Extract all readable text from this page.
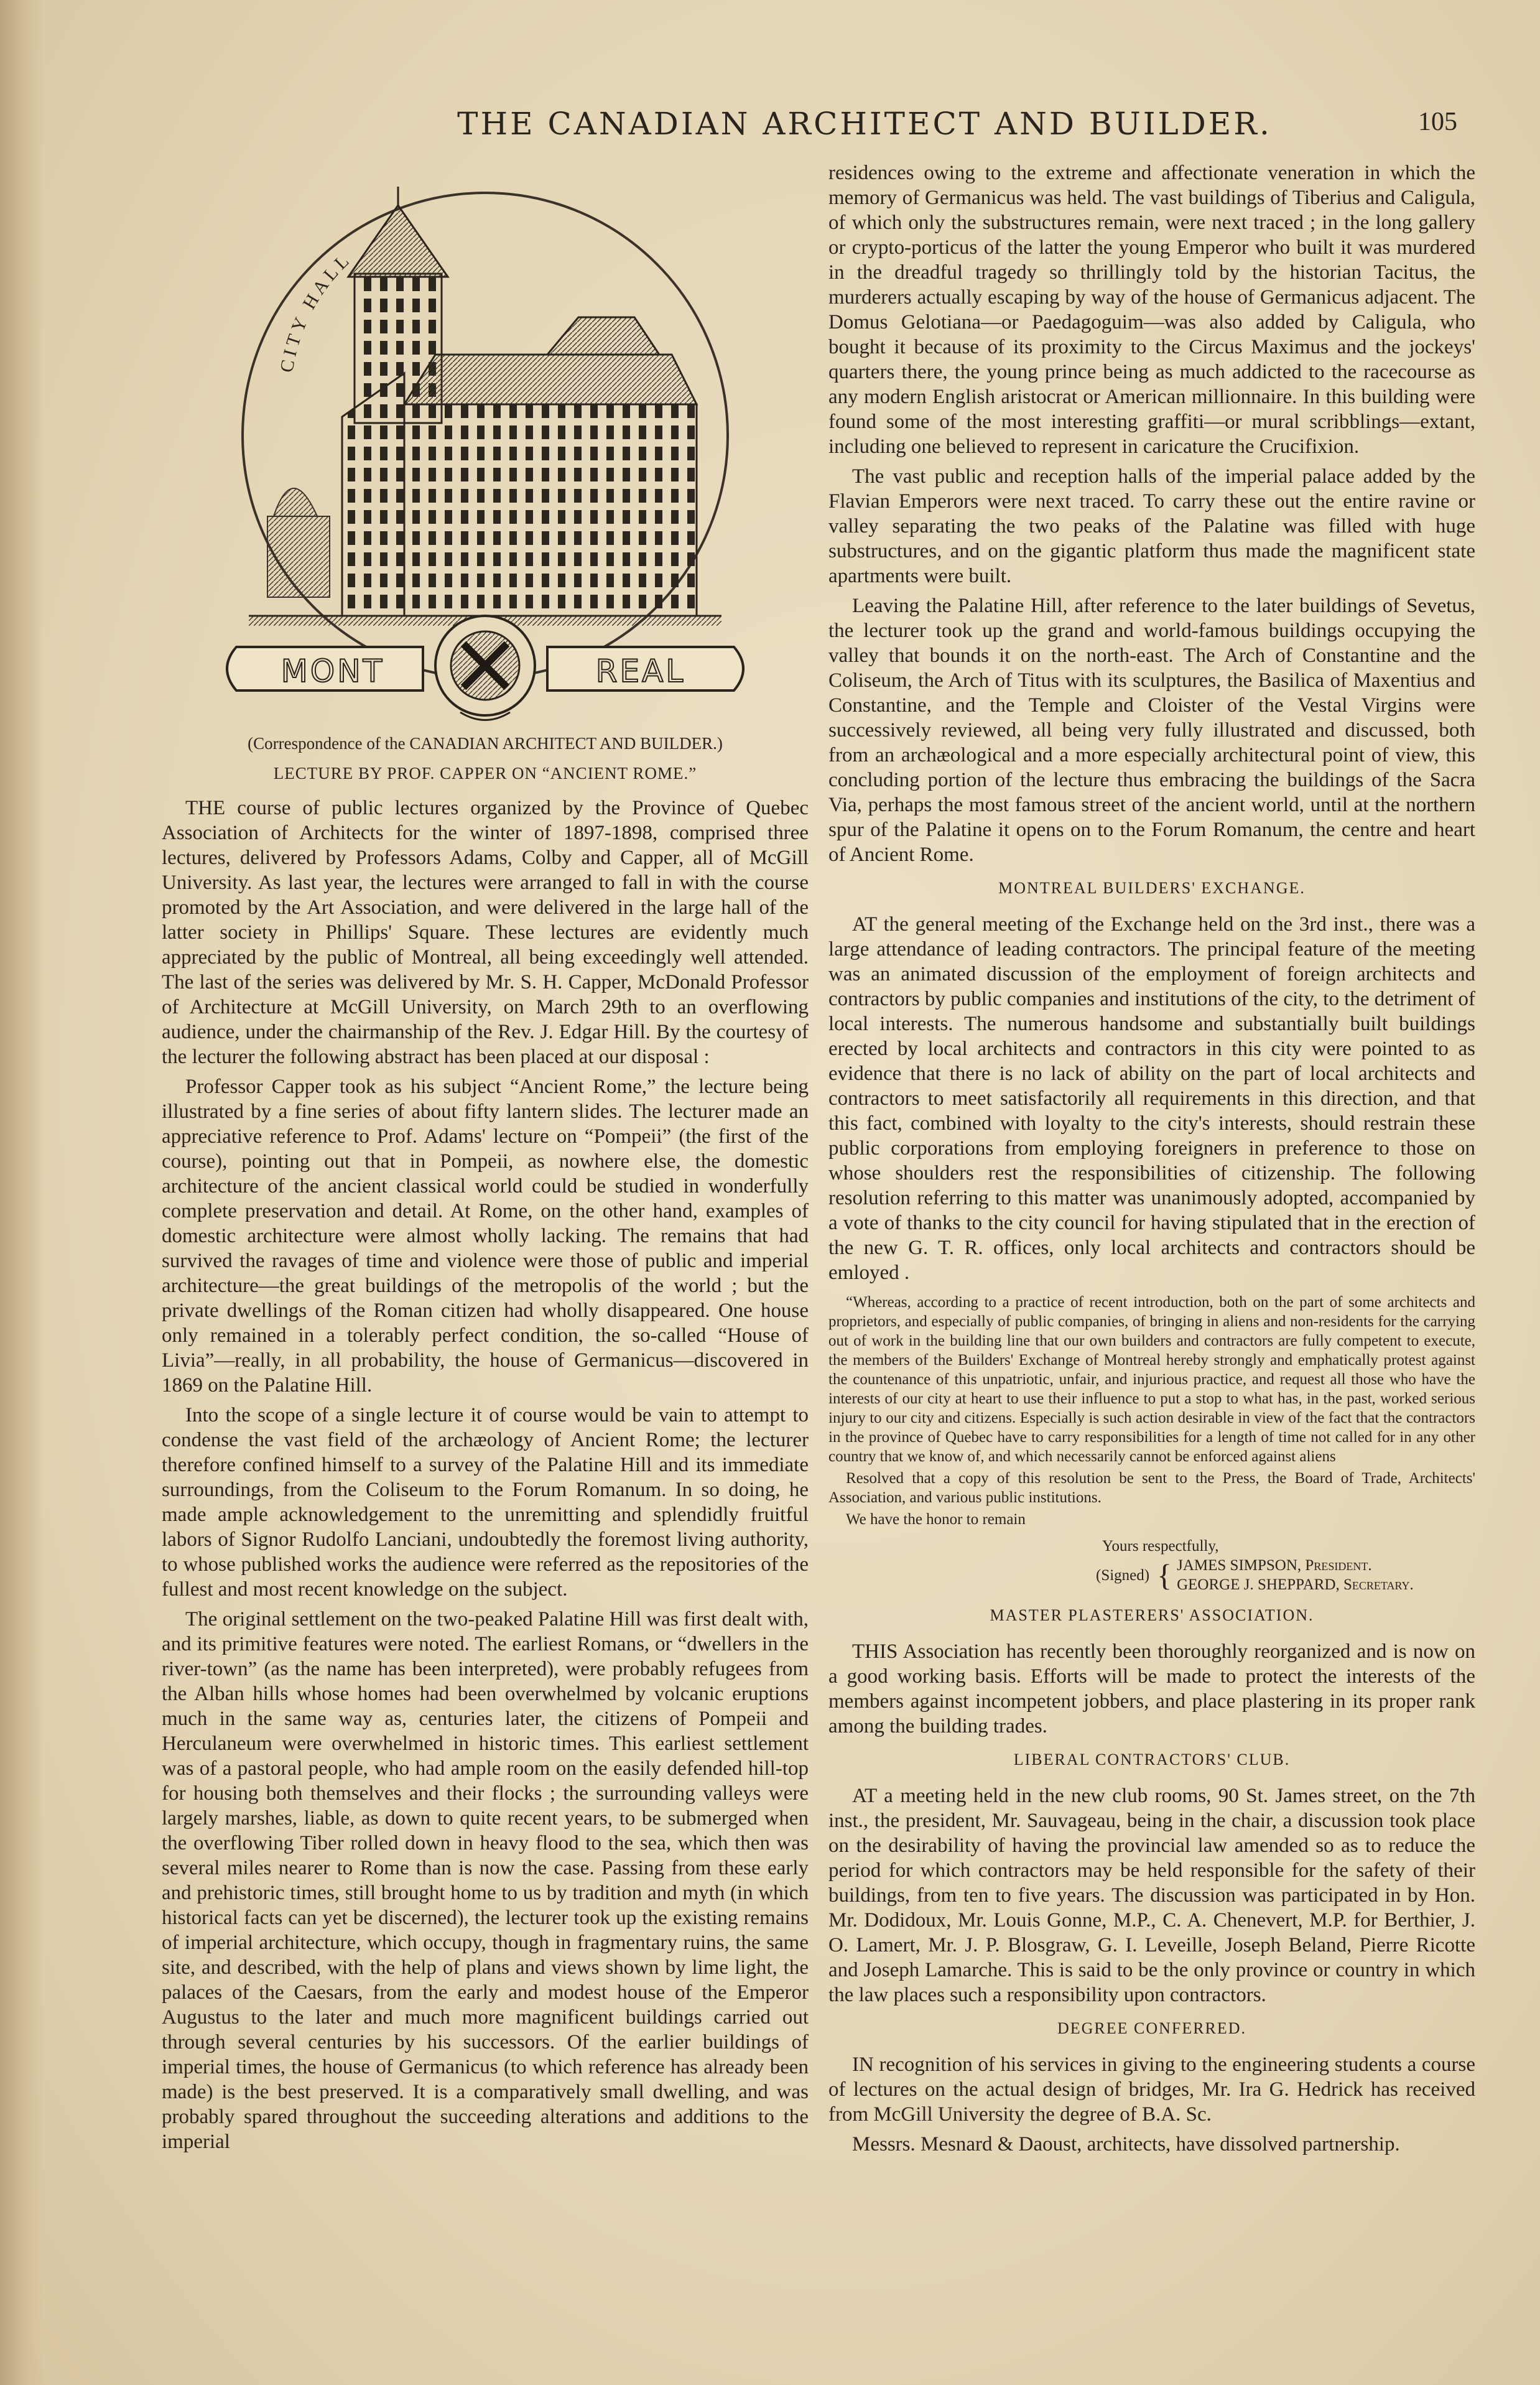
THE CANADIAN ARCHITECT AND BUILDER.	105
CITY HALL
MONT	REAL

(Correspondence of the CANADIAN ARCHITECT AND BUILDER.)

LECTURE BY PROF. CAPPER ON “ANCIENT ROME.”

THE course of public lectures organized by the Province of Quebec Association of Architects for the winter of 1897-1898, comprised three lectures, delivered by Professors Adams, Colby and Capper, all of McGill University. As last year, the lectures were arranged to fall in with the course promoted by the Art Association, and were delivered in the large hall of the latter society in Phillips' Square. These lectures are evidently much appreciated by the public of Montreal, all being exceedingly well attended. The last of the series was delivered by Mr. S. H. Capper, McDonald Professor of Architecture at McGill University, on March 29th to an overflowing audience, under the chairmanship of the Rev. J. Edgar Hill. By the courtesy of the lecturer the following abstract has been placed at our disposal :

Professor Capper took as his subject “Ancient Rome,” the lecture being illustrated by a fine series of about fifty lantern slides. The lecturer made an appreciative reference to Prof. Adams' lecture on “Pompeii” (the first of the course), pointing out that in Pompeii, as nowhere else, the domestic architecture of the ancient classical world could be studied in wonderfully complete preservation and detail. At Rome, on the other hand, examples of domestic architecture were almost wholly lacking. The remains that had survived the ravages of time and violence were those of public and imperial architecture—the great buildings of the metropolis of the world ; but the private dwellings of the Roman citizen had wholly disappeared. One house only remained in a tolerably perfect condition, the so-called “House of Livia”—really, in all probability, the house of Germanicus—discovered in 1869 on the Palatine Hill.

Into the scope of a single lecture it of course would be vain to attempt to condense the vast field of the archæology of Ancient Rome; the lecturer therefore confined himself to a survey of the Palatine Hill and its immediate surroundings, from the Coliseum to the Forum Romanum. In so doing, he made ample acknowledgement to the unremitting and splendidly fruitful labors of Signor Rudolfo Lanciani, undoubtedly the foremost living authority, to whose published works the audience were referred as the repositories of the fullest and most recent knowledge on the subject.

The original settlement on the two-peaked Palatine Hill was first dealt with, and its primitive features were noted. The earliest Romans, or “dwellers in the river-town” (as the name has been interpreted), were probably refugees from the Alban hills whose homes had been overwhelmed by volcanic eruptions much in the same way as, centuries later, the citizens of Pompeii and Herculaneum were overwhelmed in historic times. This earliest settlement was of a pastoral people, who had ample room on the easily defended hill-top for housing both themselves and their flocks ; the surrounding valleys were largely marshes, liable, as down to quite recent years, to be submerged when the overflowing Tiber rolled down in heavy flood to the sea, which then was several miles nearer to Rome than is now the case. Passing from these early and prehistoric times, still brought home to us by tradition and myth (in which historical facts can yet be discerned), the lecturer took up the existing remains of imperial architecture, which occupy, though in fragmentary ruins, the same site, and described, with the help of plans and views shown by lime light, the palaces of the Caesars, from the early and modest house of the Emperor Augustus to the later and much more magnificent buildings carried out through several centuries by his successors. Of the earlier buildings of imperial times, the house of Germanicus (to which reference has already been made) is the best preserved. It is a comparatively small dwelling, and was probably spared throughout the succeeding alterations and additions to the imperial

residences owing to the extreme and affectionate veneration in which the memory of Germanicus was held. The vast buildings of Tiberius and Caligula, of which only the substructures remain, were next traced ; in the long gallery or crypto-porticus of the latter the young Emperor who built it was murdered in the dreadful tragedy so thrillingly told by the historian Tacitus, the murderers actually escaping by way of the house of Germanicus adjacent. The Domus Gelotiana—or Paedagoguim—was also added by Caligula, who bought it because of its proximity to the Circus Maximus and the jockeys' quarters there, the young prince being as much addicted to the racecourse as any modern English aristocrat or American millionnaire. In this building were found some of the most interesting graffiti—or mural scribblings—extant, including one believed to represent in caricature the Crucifixion.

The vast public and reception halls of the imperial palace added by the Flavian Emperors were next traced. To carry these out the entire ravine or valley separating the two peaks of the Palatine was filled with huge substructures, and on the gigantic platform thus made the magnificent state apartments were built.

Leaving the Palatine Hill, after reference to the later buildings of Sevetus, the lecturer took up the grand and world-famous buildings occupying the valley that bounds it on the north-east. The Arch of Constantine and the Coliseum, the Arch of Titus with its sculptures, the Basilica of Maxentius and Constantine, and the Temple and Cloister of the Vestal Virgins were successively reviewed, all being very fully illustrated and discussed, both from an archæological and a more especially architectural point of view, this concluding portion of the lecture thus embracing the buildings of the Sacra Via, perhaps the most famous street of the ancient world, until at the northern spur of the Palatine it opens on to the Forum Romanum, the centre and heart of Ancient Rome.

MONTREAL BUILDERS' EXCHANGE.

AT the general meeting of the Exchange held on the 3rd inst., there was a large attendance of leading contractors. The principal feature of the meeting was an animated discussion of the employment of foreign architects and contractors by public companies and institutions of the city, to the detriment of local interests. The numerous handsome and substantially built buildings erected by local architects and contractors in this city were pointed to as evidence that there is no lack of ability on the part of local architects and contractors to meet satisfactorily all requirements in this direction, and that this fact, combined with loyalty to the city's interests, should restrain these public corporations from employing foreigners in preference to those on whose shoulders rest the responsibilities of citizenship. The following resolution referring to this matter was unanimously adopted, accompanied by a vote of thanks to the city council for having stipulated that in the erection of the new G. T. R. offices, only local architects and contractors should be emloyed .

“Whereas, according to a practice of recent introduction, both on the part of some architects and proprietors, and especially of public companies, of bringing in aliens and non-residents for the carrying out of work in the building line that our own builders and contractors are fully competent to execute, the members of the Builders' Exchange of Montreal hereby strongly and emphatically protest against the countenance of this unpatriotic, unfair, and injurious practice, and request all those who have the interests of our city at heart to use their influence to put a stop to what has, in the past, worked serious injury to our city and citizens. Especially is such action desirable in view of the fact that the contractors in the province of Quebec have to carry responsibilities for a length of time not called for in any other country that we know of, and which necessarily cannot be enforced against aliens

Resolved that a copy of this resolution be sent to the Press, the Board of Trade, Architects' Association, and various public institutions.

We have the honor to remain

Yours respectfully,
(Signed) { JAMES SIMPSON, President.
GEORGE J. SHEPPARD, Secretary.
MASTER PLASTERERS' ASSOCIATION.

THIS Association has recently been thoroughly reorganized and is now on a good working basis. Efforts will be made to protect the interests of the members against incompetent jobbers, and place plastering in its proper rank among the building trades.

LIBERAL CONTRACTORS' CLUB.

AT a meeting held in the new club rooms, 90 St. James street, on the 7th inst., the president, Mr. Sauvageau, being in the chair, a discussion took place on the desirability of having the provincial law amended so as to reduce the period for which contractors may be held responsible for the safety of their buildings, from ten to five years. The discussion was participated in by Hon. Mr. Dodidoux, Mr. Louis Gonne, M.P., C. A. Chenevert, M.P. for Berthier, J. O. Lamert, Mr. J. P. Blosgraw, G. I. Leveille, Joseph Beland, Pierre Ricotte and Joseph Lamarche. This is said to be the only province or country in which the law places such a responsibility upon contractors.

DEGREE CONFERRED.

IN recognition of his services in giving to the engineering students a course of lectures on the actual design of bridges, Mr. Ira G. Hedrick has received from McGill University the degree of B.A. Sc.

Messrs. Mesnard & Daoust, architects, have dissolved partnership.
